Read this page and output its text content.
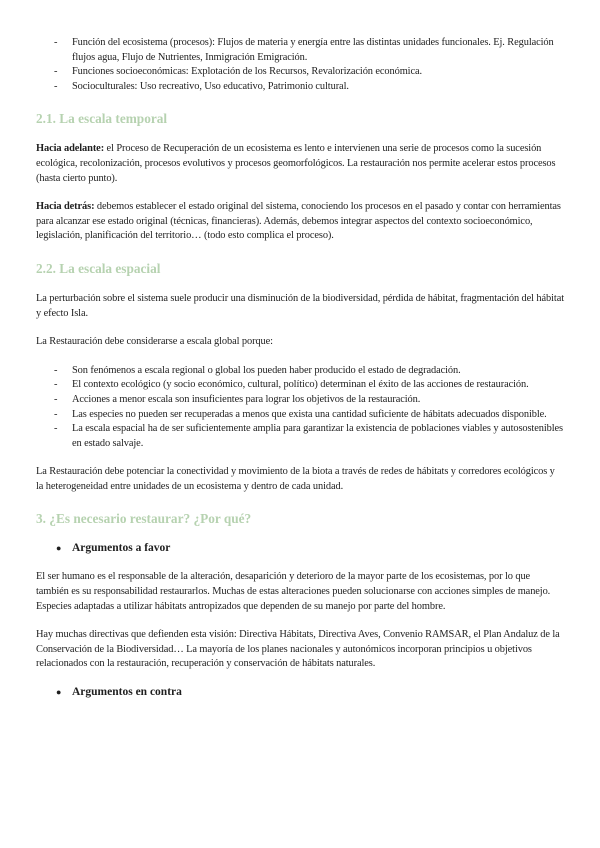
- Función del ecosistema (procesos): Flujos de materia y energía entre las distintas unidades funcionales. Ej. Regulación flujos agua, Flujo de Nutrientes, Inmigración Emigración.
- Funciones socioeconómicas: Explotación de los Recursos, Revalorización económica.
- Socioculturales: Uso recreativo, Uso educativo, Patrimonio cultural.
2.1. La escala temporal

Hacia adelante: el Proceso de Recuperación de un ecosistema es lento e intervienen una serie de procesos como la sucesión ecológica, recolonización, procesos evolutivos y procesos geomorfológicos. La restauración nos permite acelerar estos procesos (hasta cierto punto).

Hacia detrás: debemos establecer el estado original del sistema, conociendo los procesos en el pasado y contar con herramientas para alcanzar ese estado original (técnicas, financieras). Además, debemos integrar aspectos del contexto socioeconómico, legislación, planificación del territorio… (todo esto complica el proceso).

2.2. La escala espacial

La perturbación sobre el sistema suele producir una disminución de la biodiversidad, pérdida de hábitat, fragmentación del hábitat y efecto Isla.

La Restauración debe considerarse a escala global porque:

- Son fenómenos a escala regional o global los pueden haber producido el estado de degradación.
- El contexto ecológico (y socio económico, cultural, político) determinan el éxito de las acciones de restauración.
- Acciones a menor escala son insuficientes para lograr los objetivos de la restauración.
- Las especies no pueden ser recuperadas a menos que exista una cantidad suficiente de hábitats adecuados disponible.
- La escala espacial ha de ser suficientemente amplia para garantizar la existencia de poblaciones viables y autosostenibles en estado salvaje.

La Restauración debe potenciar la conectividad y movimiento de la biota a través de redes de hábitats y corredores ecológicos y la heterogeneidad entre unidades de un ecosistema y dentro de cada unidad.

3. ¿Es necesario restaurar? ¿Por qué?
● Argumentos a favor

El ser humano es el responsable de la alteración, desaparición y deterioro de la mayor parte de los ecosistemas, por lo que también es su responsabilidad restaurarlos. Muchas de estas alteraciones pueden solucionarse con acciones simples de manejo. Especies adaptadas a utilizar hábitats antropizados que dependen de su manejo por parte del hombre.

Hay muchas directivas que defienden esta visión: Directiva Hábitats, Directiva Aves, Convenio RAMSAR, el Plan Andaluz de la Conservación de la Biodiversidad… La mayoría de los planes nacionales y autonómicos incorporan principios u objetivos relacionados con la restauración, recuperación y conservación de hábitats naturales.

● Argumentos en contra
